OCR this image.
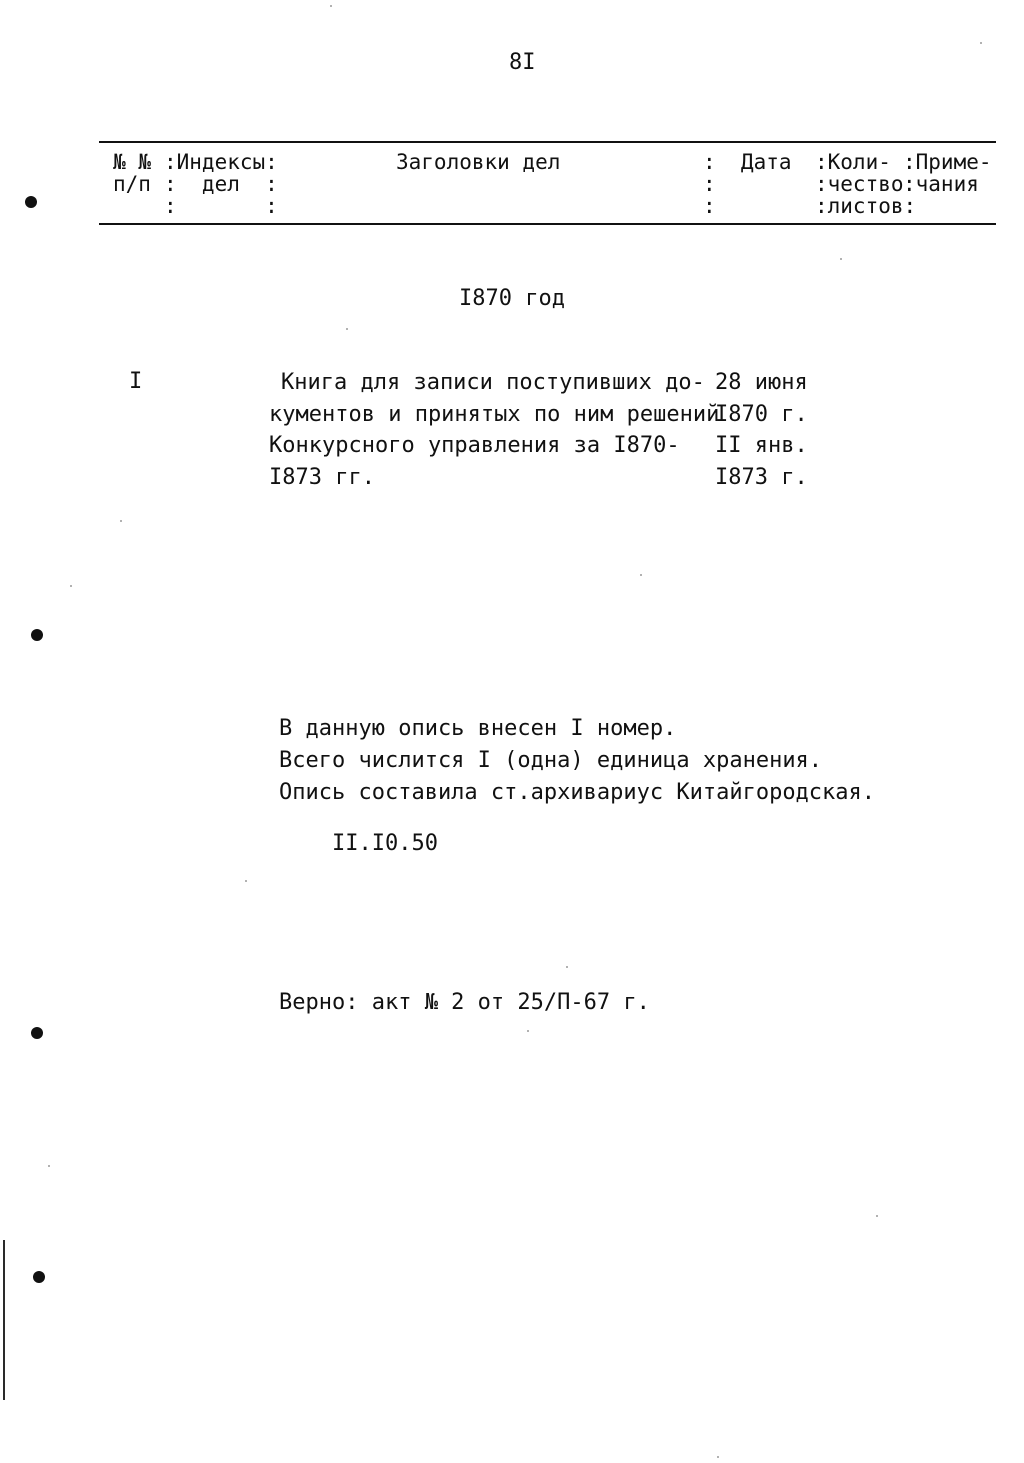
8I
№ №
п/п
:Индексы:
:  дел  :
:       :
Заголовки дел	:  Дата
:
:
:Коли-
:чество
:листов:
:Приме-
:чания
I870 год
I	Книга для записи поступивших до-
кументов и принятых по ним решений
Конкурсного управления за I870-
I873 гг.
28 июня
I870 г.
II янв.
I873 г.
В данную опись внесен I номер.
Всего числится I (одна) единица хранения.
Опись составила ст.архивариус Китайгородская.
II.I0.50
Верно: акт № 2 от 25/П-67 г.
